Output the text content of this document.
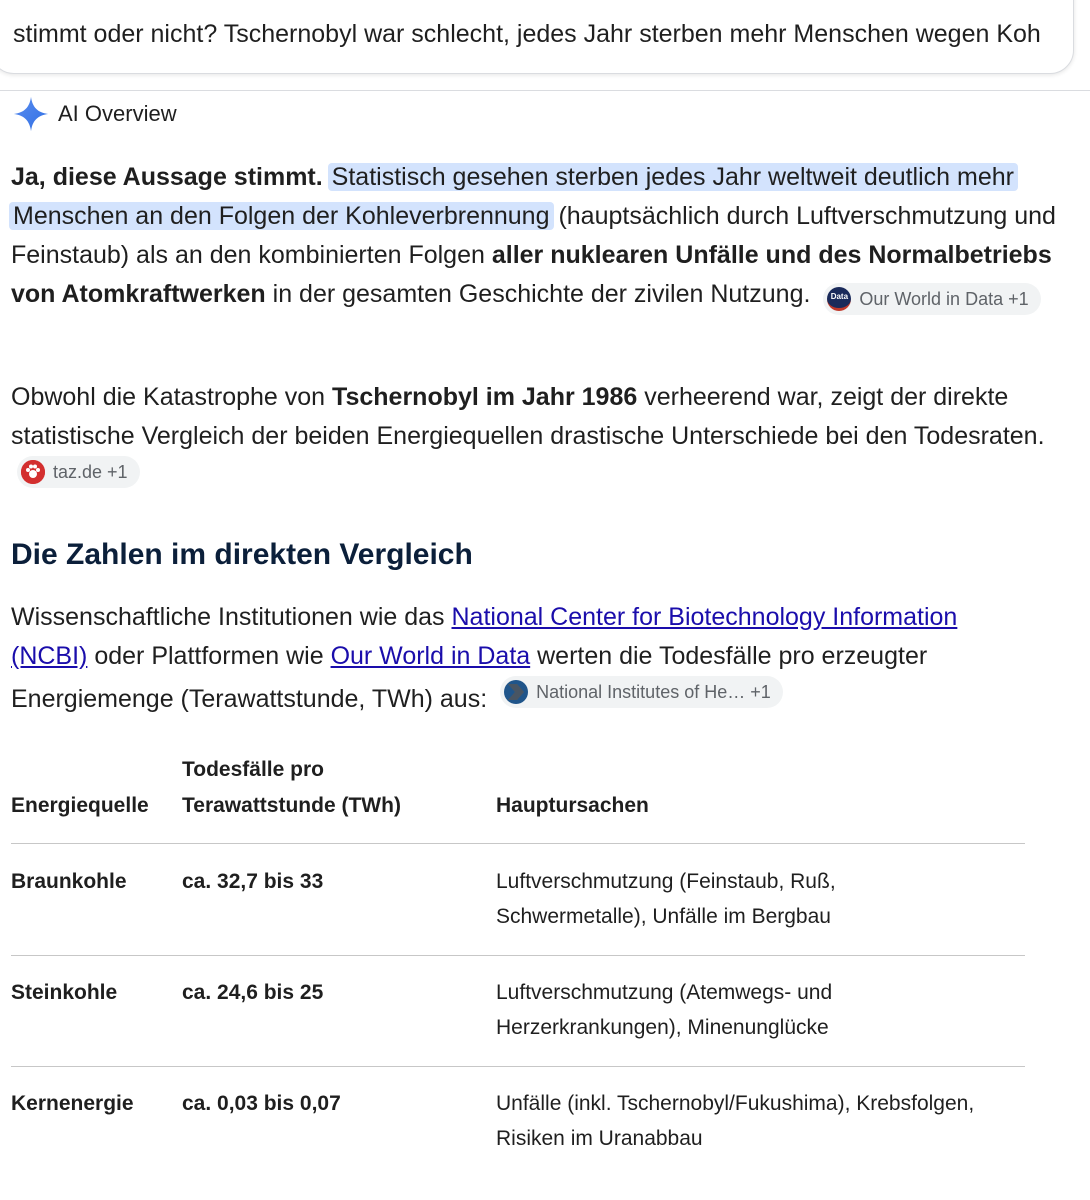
stimmt oder nicht? Tschernobyl war schlecht, jedes Jahr sterben mehr Menschen wegen Koh
AI Overview
Ja, diese Aussage stimmt. Statistisch gesehen sterben jedes Jahr weltweit deutlich mehr Menschen an den Folgen der Kohleverbrennung (hauptsächlich durch Luftverschmutzung und Feinstaub) als an den kombinierten Folgen aller nuklearen Unfälle und des Normalbetriebs von Atomkraftwerken in der gesamten Geschichte der zivilen Nutzung.	Data Our World in Data +1
Obwohl die Katastrophe von Tschernobyl im Jahr 1986 verheerend war, zeigt der direkte statistische Vergleich der beiden Energiequellen drastische Unterschiede bei den Todesraten.
taz.de +1
Die Zahlen im direkten Vergleich
Wissenschaftliche Institutionen wie das National Center for Biotechnology Information (NCBI) oder Plattformen wie Our World in Data werten die Todesfälle pro erzeugter Energiemenge (Terawattstunde, TWh) aus:	National Institutes of He… +1
Energiequelle
Todesfälle pro
Terawattstunde (TWh)	Hauptursachen
Braunkohle	ca. 32,7 bis 33	Luftverschmutzung (Feinstaub, Ruß,
Schwermetalle), Unfälle im Bergbau
Steinkohle	ca. 24,6 bis 25	Luftverschmutzung (Atemwegs- und
Herzerkrankungen), Minenunglücke
Kernenergie ca. 0,03 bis 0,07	Unfälle (inkl. Tschernobyl/Fukushima), Krebsfolgen,
Risiken im Uranabbau
